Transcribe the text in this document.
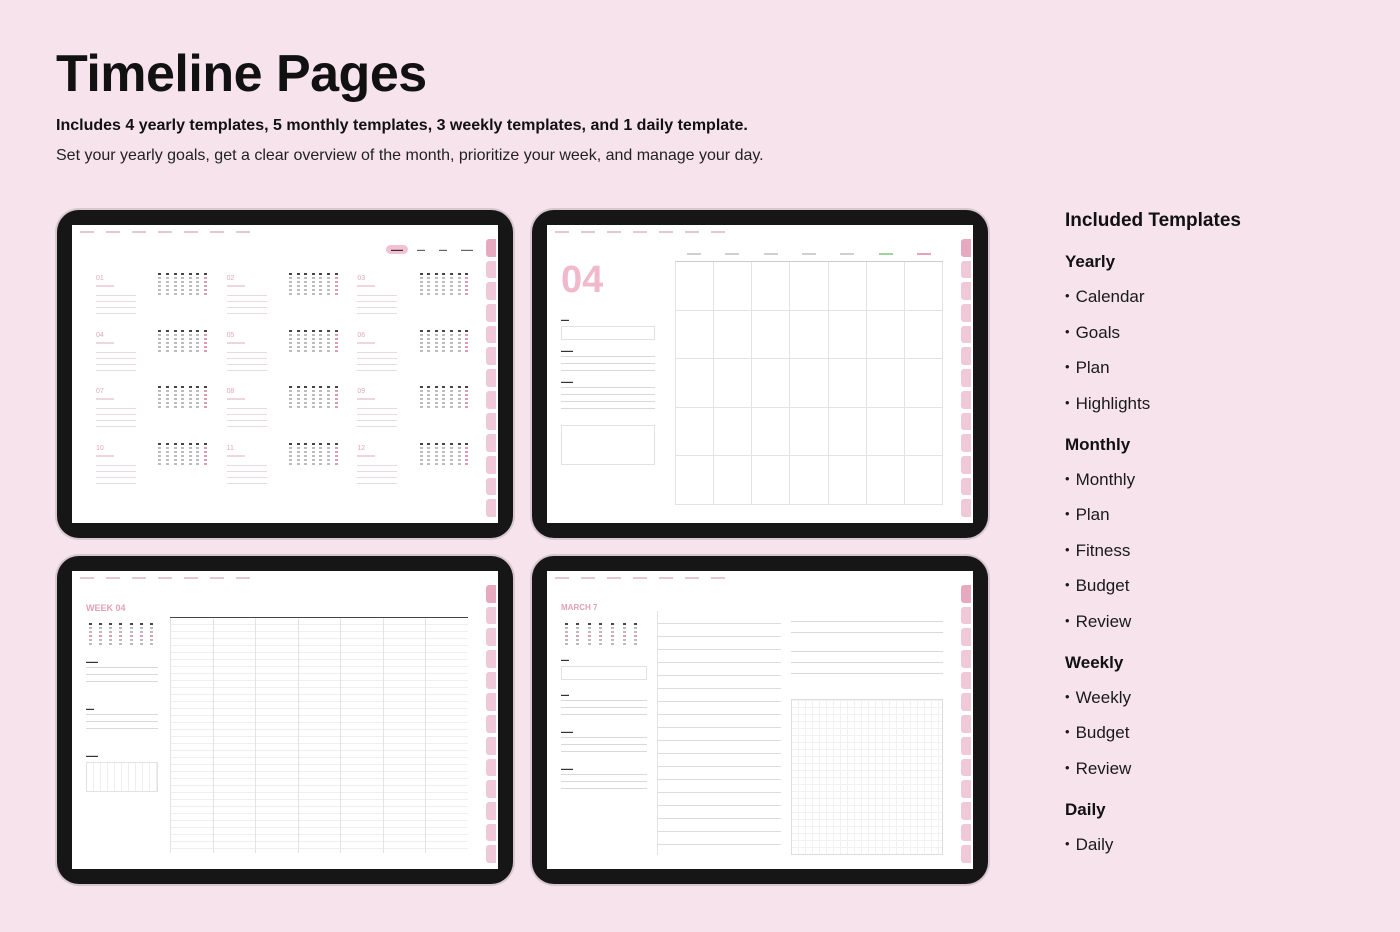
Timeline Pages
Includes 4 yearly templates, 5 monthly templates, 3 weekly templates, and 1 daily template.
Set your yearly goals, get a clear overview of the month, prioritize your week, and manage your day.
▬▬▬	▬▬	▬▬	▬▬▬
01	02	03
04	05	06
07	08	09
10	11	12
04
▬▬
▬▬▬
▬▬▬
WEEK 04
▬▬▬
▬▬
▬▬▬
MARCH 7
▬▬
▬▬
▬▬▬
▬▬▬
Included Templates
Yearly
• Calendar
• Goals
• Plan
• Highlights
Monthly
• Monthly
• Plan
• Fitness
• Budget
• Review
Weekly
• Weekly
• Budget
• Review
Daily
• Daily
